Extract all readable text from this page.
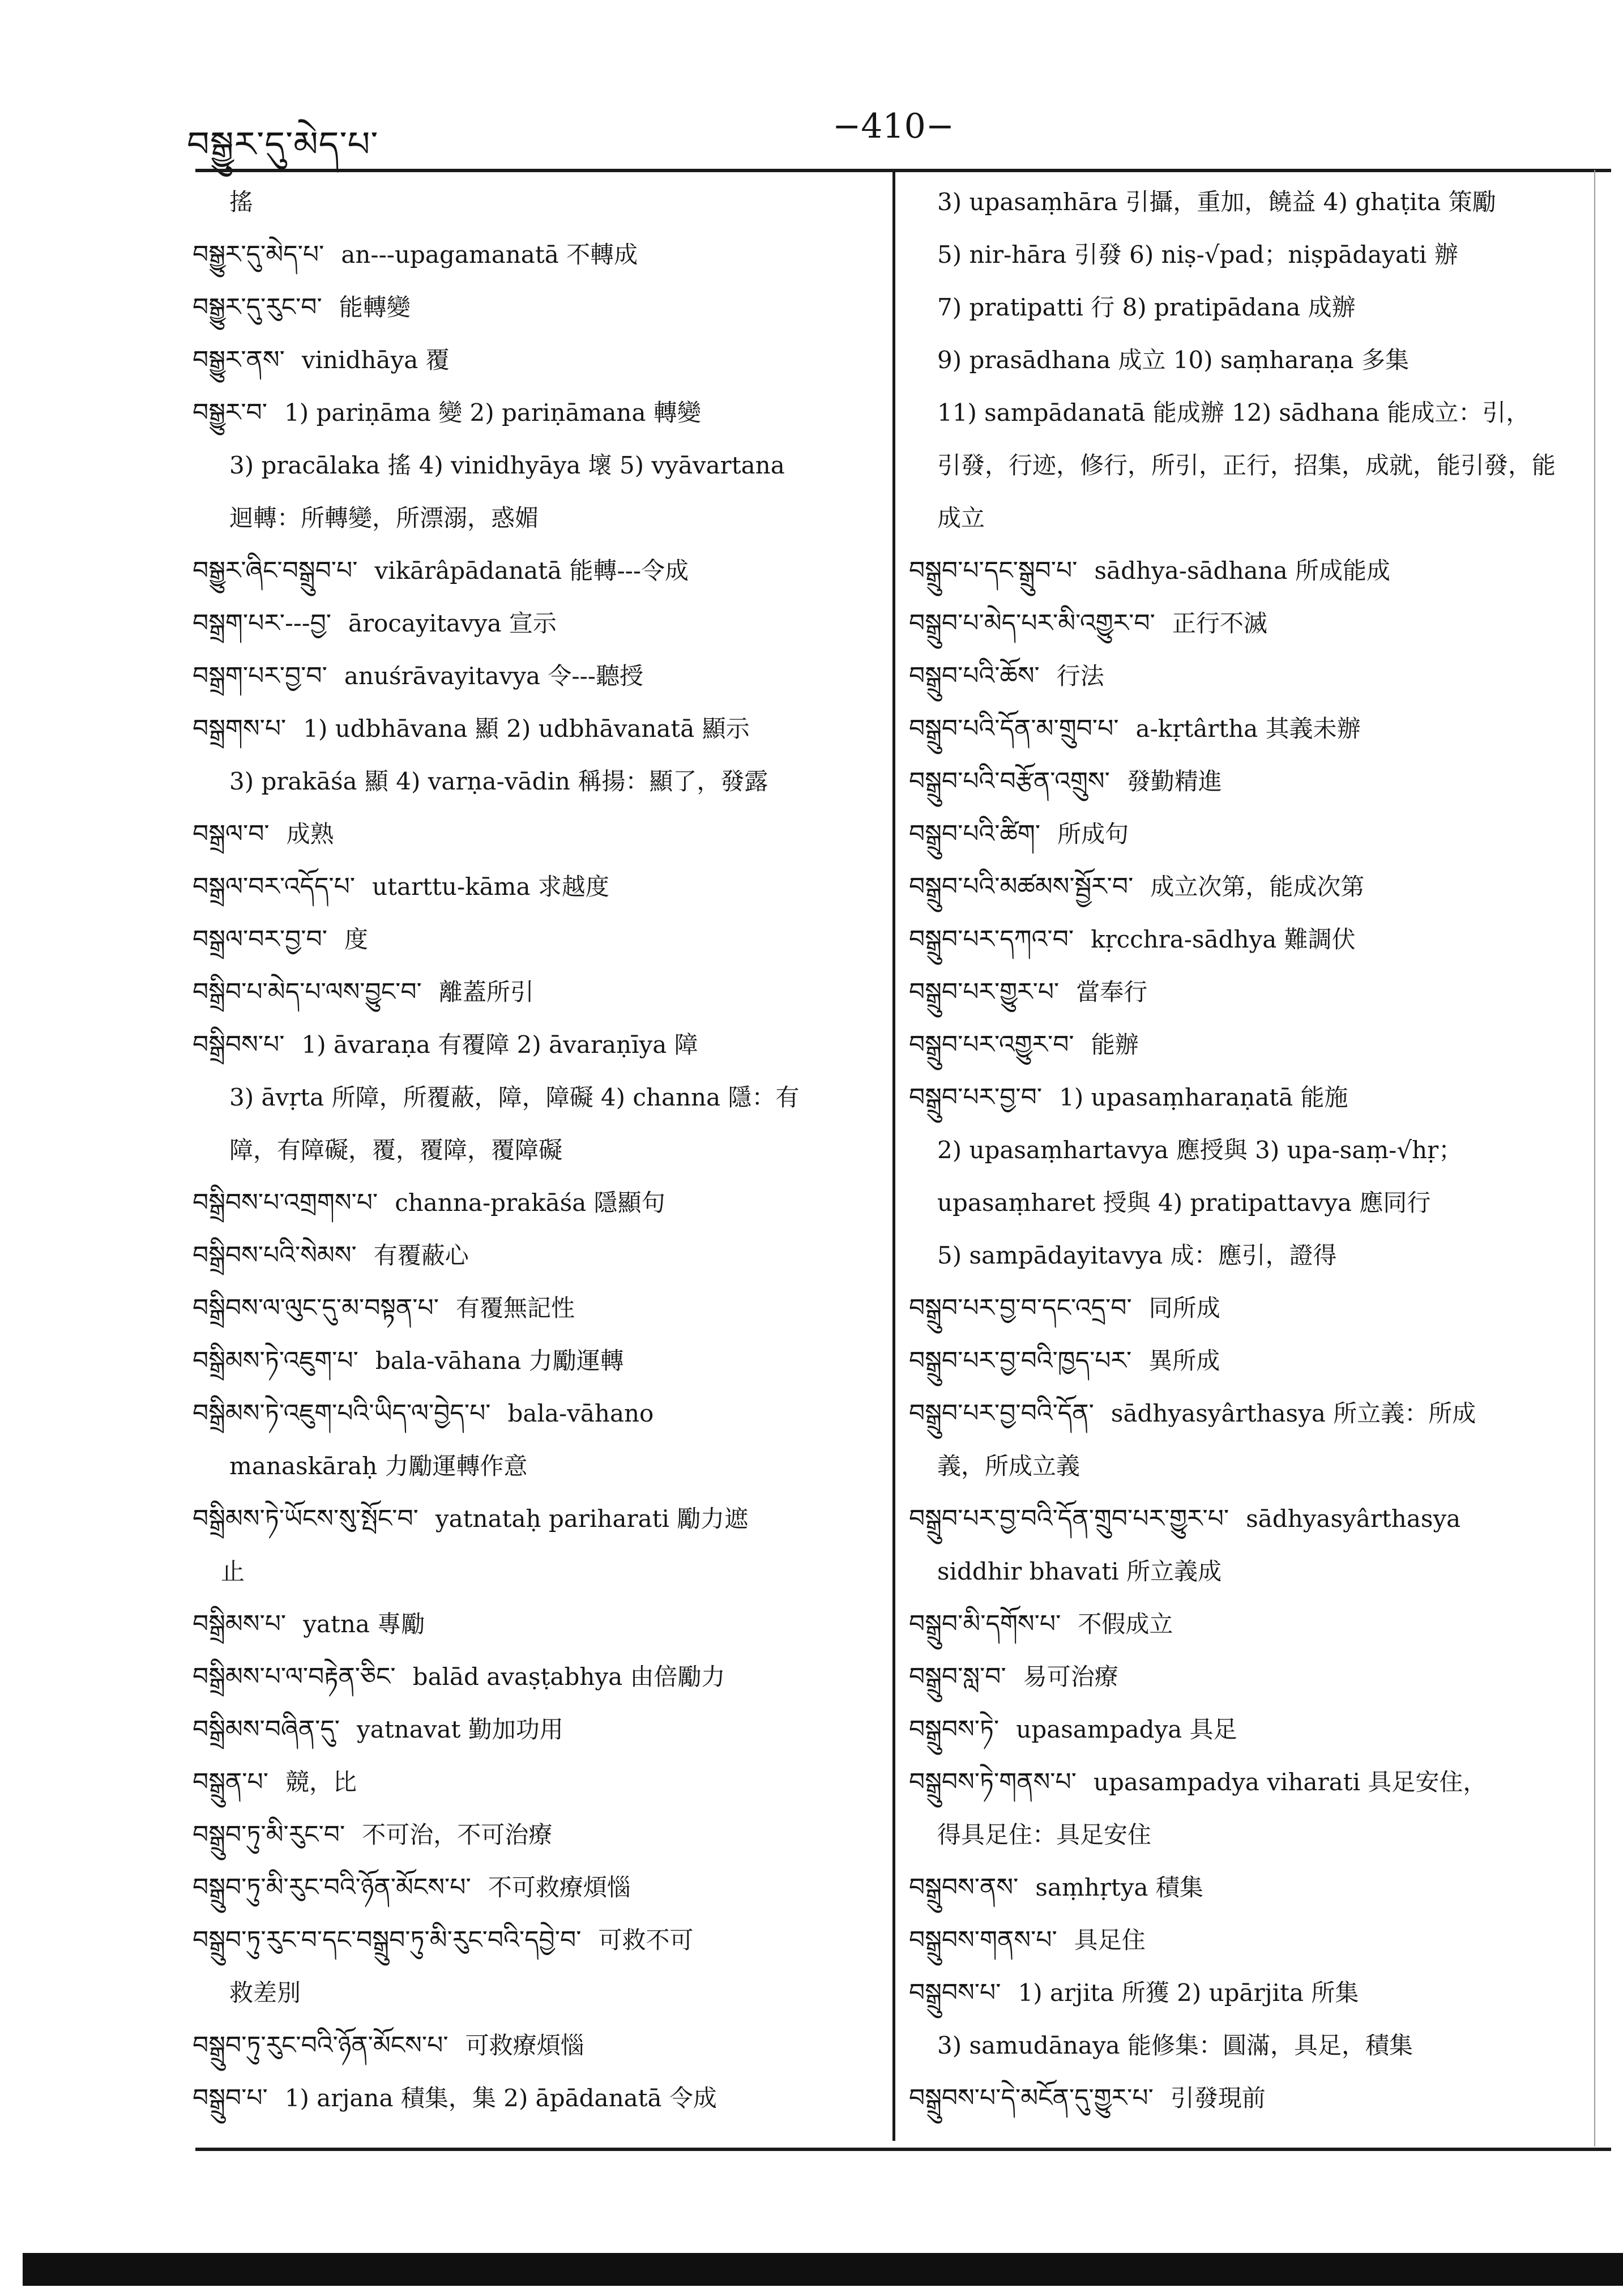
བསྒྱུར་དུ་མེད་པ་	−410−
搖
བསྒྱུར་དུ་མེད་པ་ an---upagamanatā 不轉成
བསྒྱུར་དུ་རུང་བ་ 能轉變
བསྒྱུར་ནས་ vinidhāya 覆
བསྒྱུར་བ་ 1) pariṇāma 變 2) pariṇāmana 轉變
3) pracālaka 搖 4) vinidhyāya 壞 5) vyāvartana
迴轉：所轉變，所漂溺，惑媚
བསྒྱུར་ཞིང་བསྒྲུབ་པ་ vikārâpādanatā 能轉---令成
བསྒྲག་པར་---བྱ་ ārocayitavya 宣示
བསྒྲག་པར་བྱ་བ་ anuśrāvayitavya 令---聽授
བསྒྲགས་པ་ 1) udbhāvana 顯 2) udbhāvanatā 顯示
3) prakāśa 顯 4) varṇa-vādin 稱揚：顯了，發露
བསྒྲལ་བ་ 成熟
བསྒྲལ་བར་འདོད་པ་ utarttu-kāma 求越度
བསྒྲལ་བར་བྱ་བ་ 度
བསྒྲིབ་པ་མེད་པ་ལས་བྱུང་བ་ 離蓋所引
བསྒྲིབས་པ་ 1) āvaraṇa 有覆障 2) āvaraṇīya 障
3) āvṛta 所障，所覆蔽，障，障礙 4) channa 隱：有
障，有障礙，覆，覆障，覆障礙
བསྒྲིབས་པ་འགྲགས་པ་ channa-prakāśa 隱顯句
བསྒྲིབས་པའི་སེམས་ 有覆蔽心
བསྒྲིབས་ལ་ལུང་དུ་མ་བསྟན་པ་ 有覆無記性
བསྒྲིམས་ཏེ་འཇུག་པ་ bala-vāhana 力勵運轉
བསྒྲིམས་ཏེ་འཇུག་པའི་ཡིད་ལ་བྱེད་པ་ bala-vāhano
manaskāraḥ 力勵運轉作意
བསྒྲིམས་ཏེ་ཡོངས་སུ་སྤོང་བ་ yatnataḥ pariharati 勵力遮
止
བསྒྲིམས་པ་ yatna 專勵
བསྒྲིམས་པ་ལ་བརྟེན་ཅིང་ balād avaṣṭabhya 由倍勵力
བསྒྲིམས་བཞིན་དུ་ yatnavat 勤加功用
བསྒྲུན་པ་ 競，比
བསྒྲུབ་ཏུ་མི་རུང་བ་ 不可治，不可治療
བསྒྲུབ་ཏུ་མི་རུང་བའི་ཉོན་མོངས་པ་ 不可救療煩惱
བསྒྲུབ་ཏུ་རུང་བ་དང་བསྒྲུབ་ཏུ་མི་རུང་བའི་དབྱེ་བ་ 可救不可
救差別
བསྒྲུབ་ཏུ་རུང་བའི་ཉོན་མོངས་པ་ 可救療煩惱
བསྒྲུབ་པ་ 1) arjana 積集，集 2) āpādanatā 令成
3) upasaṃhāra 引攝，重加，饒益 4) ghaṭita 策勵
5) nir-hāra 引發 6) niṣ-√pad；niṣpādayati 辦
7) pratipatti 行 8) pratipādana 成辦
9) prasādhana 成立 10) saṃharaṇa 多集
11) sampādanatā 能成辦 12) sādhana 能成立：引，
引發，行迹，修行，所引，正行，招集，成就，能引發，能
成立
བསྒྲུབ་པ་དང་སྒྲུབ་པ་ sādhya-sādhana 所成能成
བསྒྲུབ་པ་མེད་པར་མི་འགྱུར་བ་ 正行不滅
བསྒྲུབ་པའི་ཆོས་ 行法
བསྒྲུབ་པའི་དོན་མ་གྲུབ་པ་ a-kṛtârtha 其義未辦
བསྒྲུབ་པའི་བརྩོན་འགྲུས་ 發勤精進
བསྒྲུབ་པའི་ཚིག་ 所成句
བསྒྲུབ་པའི་མཚམས་སྦྱོར་བ་ 成立次第，能成次第
བསྒྲུབ་པར་དཀའ་བ་ kṛcchra-sādhya 難調伏
བསྒྲུབ་པར་གྱུར་པ་ 當奉行
བསྒྲུབ་པར་འགྱུར་བ་ 能辦
བསྒྲུབ་པར་བྱ་བ་ 1) upasaṃharaṇatā 能施
2) upasaṃhartavya 應授與 3) upa-saṃ-√hṛ；
upasaṃharet 授與 4) pratipattavya 應同行
5) sampādayitavya 成：應引，證得
བསྒྲུབ་པར་བྱ་བ་དང་འདྲ་བ་ 同所成
བསྒྲུབ་པར་བྱ་བའི་ཁྱད་པར་ 異所成
བསྒྲུབ་པར་བྱ་བའི་དོན་ sādhyasyârthasya 所立義：所成
義，所成立義
བསྒྲུབ་པར་བྱ་བའི་དོན་གྲུབ་པར་གྱུར་པ་ sādhyasyârthasya
siddhir bhavati 所立義成
བསྒྲུབ་མི་དགོས་པ་ 不假成立
བསྒྲུབ་སླ་བ་ 易可治療
བསྒྲུབས་ཏེ་ upasampadya 具足
བསྒྲུབས་ཏེ་གནས་པ་ upasampadya viharati 具足安住，
得具足住：具足安住
བསྒྲུབས་ནས་ saṃhṛtya 積集
བསྒྲུབས་གནས་པ་ 具足住
བསྒྲུབས་པ་ 1) arjita 所獲 2) upārjita 所集
3) samudānaya 能修集：圓滿，具足，積集
བསྒྲུབས་པ་དེ་མངོན་དུ་གྱུར་པ་ 引發現前
